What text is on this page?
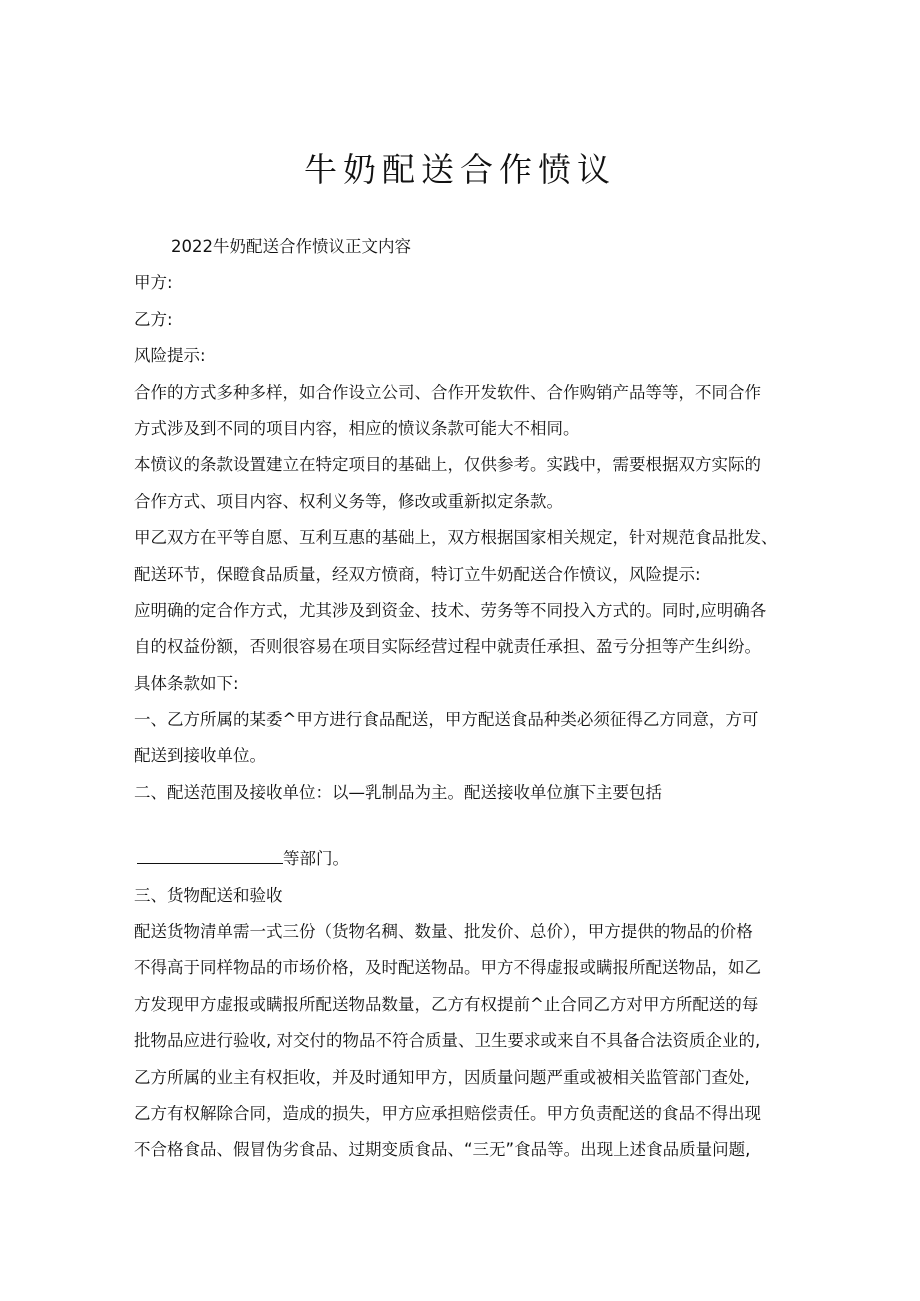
牛奶配送合作愤议
2022牛奶配送合作愤议正文内容
甲方:
乙方:
风险提示:
合作的方式多种多样，如合作设立公司、合作开发软件、合作购销产品等等，不同合作
方式涉及到不同的项目内容，相应的愤议条款可能大不相同。
本愤议的条款设置建立在特定项目的基础上，仅供参考。实践中，需要根据双方实际的
合作方式、项目内容、权利义务等，修改或重新拟定条款。
甲乙双方在平等自愿、互利互惠的基础上，双方根据国家相关规定，针对规范食品批发、
配送环节，保瞪食品质量，经双方愤商，特订立牛奶配送合作愤议，风险提示:
应明确的定合作方式，尤其涉及到资金、技术、劳务等不同投入方式的。同时,应明确各
自的权益份额，否则很容易在项目实际经营过程中就责任承担、盈亏分担等产生纠纷。
具体条款如下:
一、乙方所属的某委^甲方进行食品配送，甲方配送食品种类必须征得乙方同意，方可
配送到接收单位。
二、配送范围及接收单位：以—乳制品为主。配送接收单位旗下主要包括
等部门。
三、货物配送和验收
配送货物清单需一式三份（货物名稠、数量、批发价、总价），甲方提供的物品的价格
不得高于同样物品的市场价格，及时配送物品。甲方不得虚报或瞒报所配送物品，如乙
方发现甲方虚报或瞒报所配送物品数量，乙方有权提前^止合同乙方对甲方所配送的每
批物品应进行验收, 对交付的物品不符合质量、卫生要求或来自不具备合法资质企业的,
乙方所属的业主有权拒收，并及时通知甲方，因质量问题严重或被相关监管部门查处,
乙方有权解除合同，造成的损失，甲方应承担赔偿责任。甲方负责配送的食品不得出现
不合格食品、假冒伪劣食品、过期变质食品、“三无”食品等。出现上述食品质量问题,
